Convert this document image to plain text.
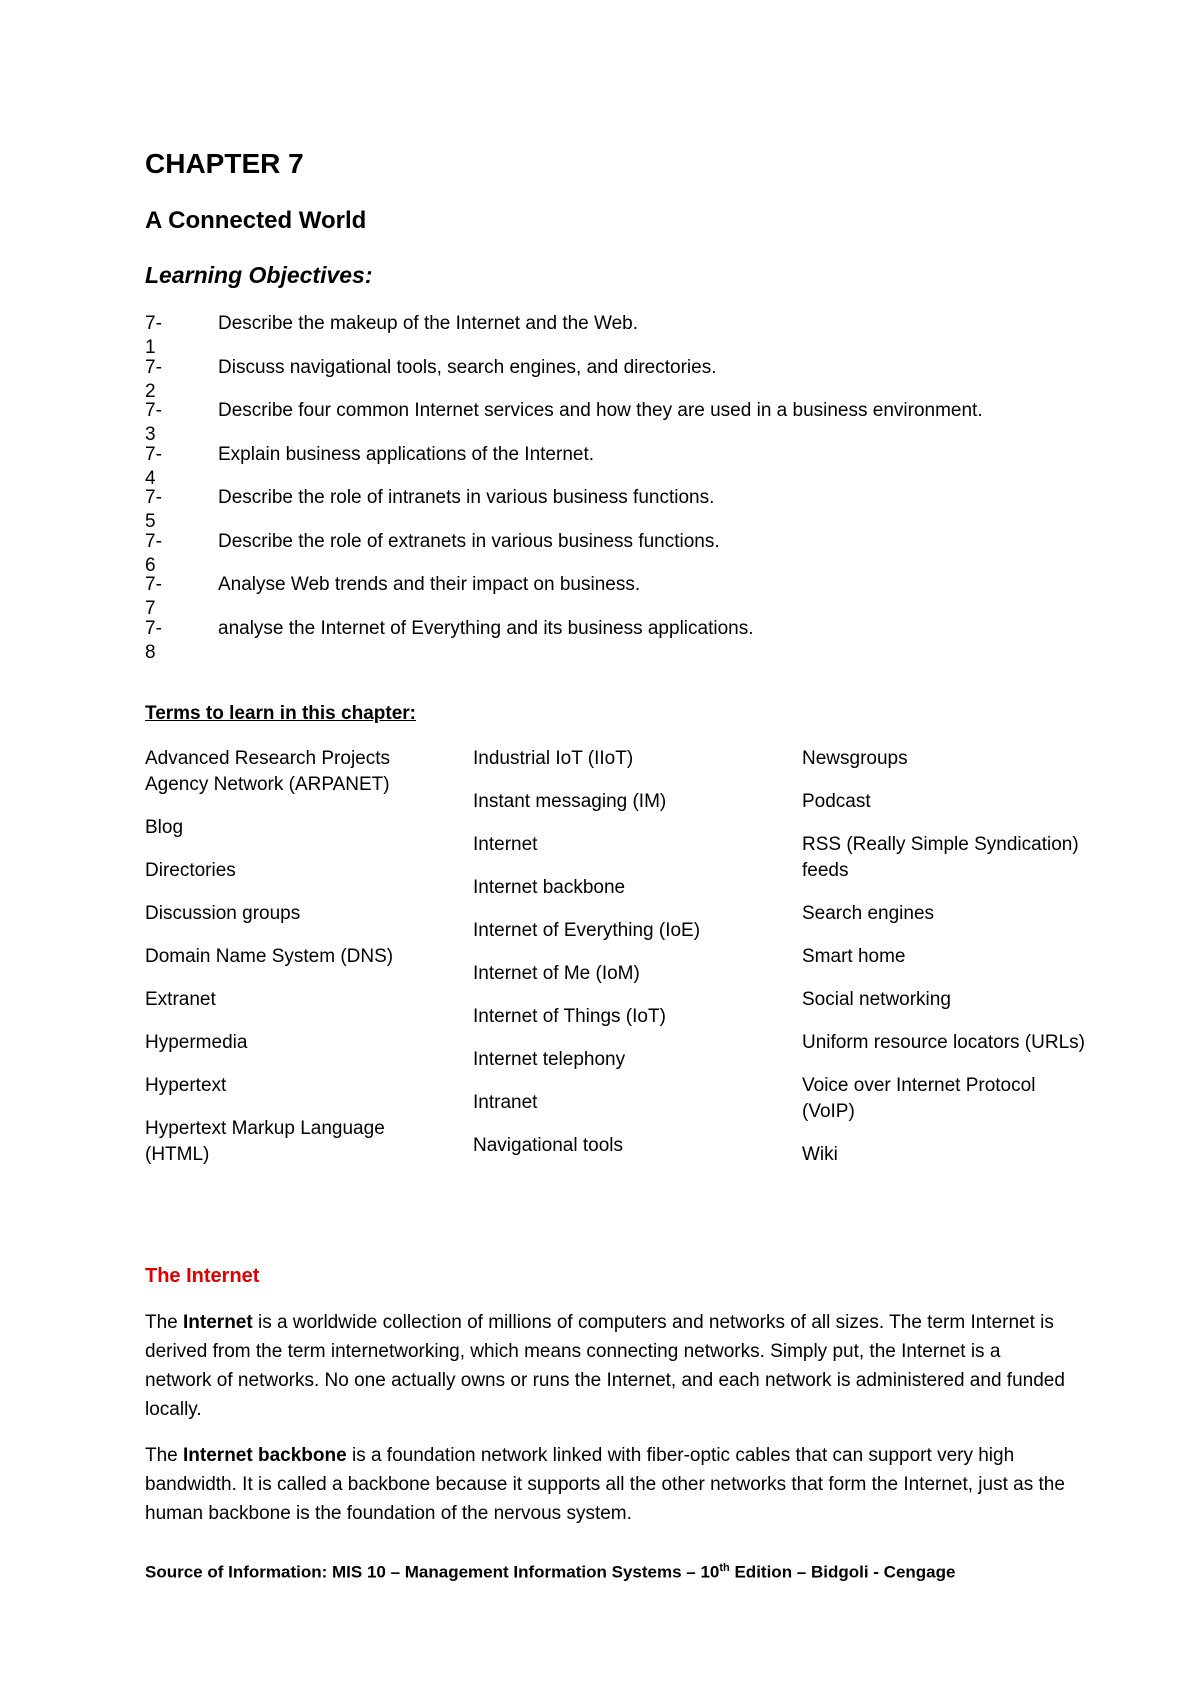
CHAPTER 7
A Connected World
Learning Objectives:
7-1
Describe the makeup of the Internet and the Web.
7-2
Discuss navigational tools, search engines, and directories.
7-3
Describe four common Internet services and how they are used in a business environment.
7-4
Explain business applications of the Internet.
7-5
Describe the role of intranets in various business functions.
7-6
Describe the role of extranets in various business functions.
7-7
Analyse Web trends and their impact on business.
7-8
analyse the Internet of Everything and its business applications.

Terms to learn in this chapter:

Advanced Research Projects Agency Network (ARPANET)
Blog
Directories
Discussion groups
Domain Name System (DNS)
Extranet
Hypermedia
Hypertext
Hypertext Markup Language (HTML)
Industrial IoT (IIoT)
Instant messaging (IM)
Internet
Internet backbone
Internet of Everything (IoE)
Internet of Me (IoM)
Internet of Things (IoT)
Internet telephony
Intranet
Navigational tools
Newsgroups
Podcast
RSS (Really Simple Syndication) feeds
Search engines
Smart home
Social networking
Uniform resource locators (URLs)
Voice over Internet Protocol (VoIP)
Wiki
The Internet

The Internet is a worldwide collection of millions of computers and networks of all sizes. The term Internet is derived from the term internetworking, which means connecting networks. Simply put, the Internet is a network of networks. No one actually owns or runs the Internet, and each network is administered and funded locally.

The Internet backbone is a foundation network linked with fiber-optic cables that can support very high bandwidth. It is called a backbone because it supports all the other networks that form the Internet, just as the human backbone is the foundation of the nervous system.

Source of Information: MIS 10 – Management Information Systems – 10th Edition – Bidgoli - Cengage
